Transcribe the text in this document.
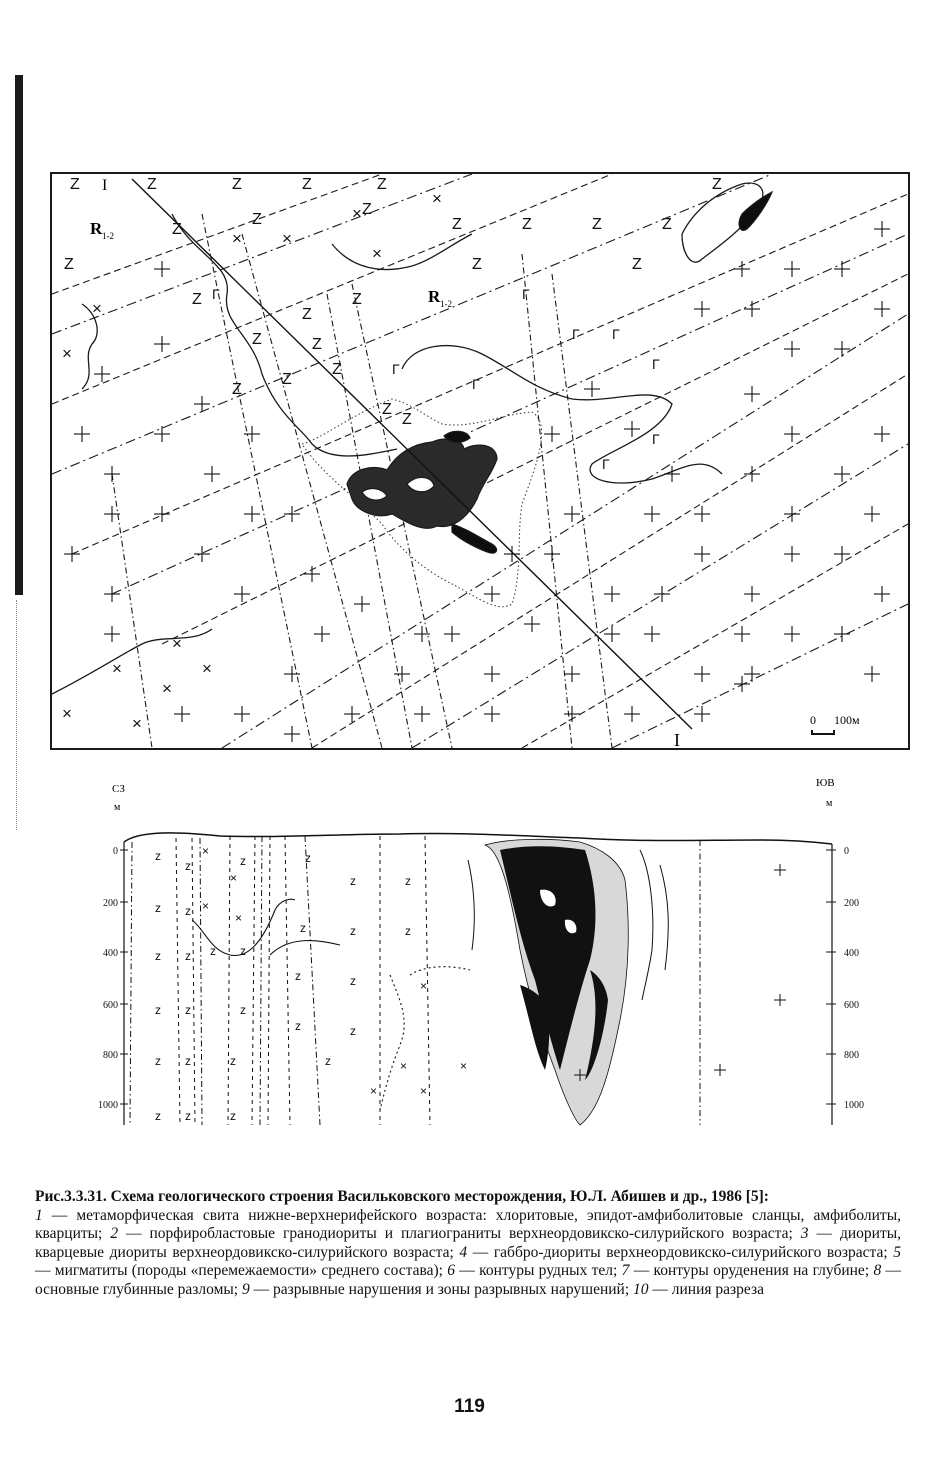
Z	Z	Z	Z	Z
Z
Z
Z
Z	Z	Z	Z
Z
Z
Z
Z	Z
Z
Z
Z
Z
Z
Z
Z
Z
Z
×
× ×
×
×
×
×
×
×
×
×
×
×
Г
Г
Г
Г Г
Г
Г
Г
Г
R 1-2
R 1-2
I
I
0 100м
СЗ
м
ЮВ
м
0
200
400
600
800
1000
0
200
400
600
800
1000
z
z	z	z
z	z
z z
z	z	z
z z z z
z	z
z z	z
z	z
z z	z	z
z z	z
×
×
×
×
×
×
×
×
×
Рис.3.3.31. Схема геологического строения Васильковского месторождения, Ю.Л. Абишев и др., 1986 [5]:
1 — метаморфическая свита нижне-верхнерифейского возраста: хлоритовые, эпидот-амфиболитовые сланцы, амфиболиты, кварциты; 2 — порфиробластовые гранодиориты и плагиограниты верхнеордовикско-силурийского возраста; 3 — диориты, кварцевые диориты верхнеордовикско-силурийского возраста; 4 — габбро-диориты верхнеордовикско-силурийского возраста; 5 — мигматиты (породы «перемежаемости» среднего состава); 6 — контуры рудных тел; 7 — контуры оруденения на глубине; 8 — основные глубинные разломы; 9 — разрывные нарушения и зоны разрывных нарушений; 10 — линия разреза
119
